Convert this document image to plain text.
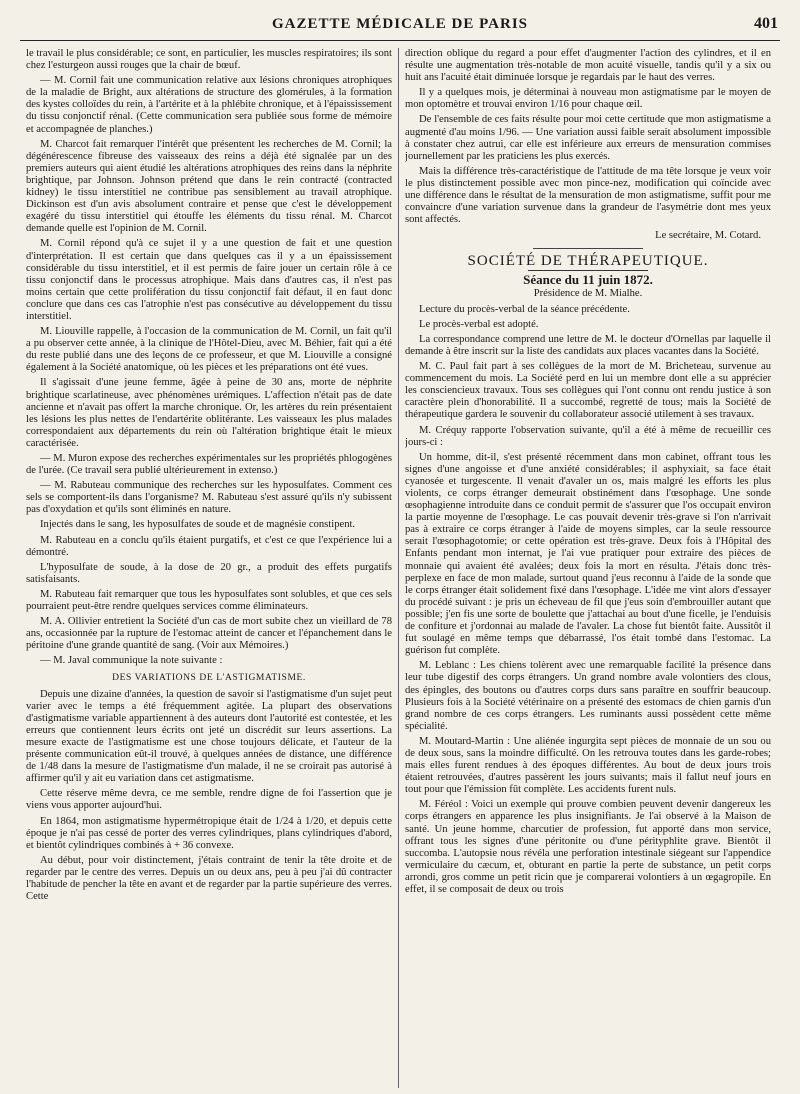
GAZETTE MÉDICALE DE PARIS	401

le travail le plus considérable; ce sont, en particulier, les muscles respiratoires; ils sont chez l'esturgeon aussi rouges que la chair de bœuf.

— M. Cornil fait une communication relative aux lésions chroniques atrophiques de la maladie de Bright, aux altérations de structure des glomérules, à la formation des kystes colloïdes du rein, à l'artérite et à la phlébite chronique, et à l'épaississement du tissu conjonctif rénal. (Cette communication sera publiée sous forme de mémoire et accompagnée de planches.)

M. Charcot fait remarquer l'intérêt que présentent les recherches de M. Cornil; la dégénérescence fibreuse des vaisseaux des reins a déjà été signalée par un des premiers auteurs qui aient étudié les altérations atrophiques des reins dans la néphrite brightique, par Johnson. Johnson prétend que dans le rein contracté (contracted kidney) le tissu interstitiel ne contribue pas sensiblement au travail atrophique. Dickinson est d'un avis absolument contraire et pense que c'est le développement exagéré du tissu interstitiel qui étouffe les éléments du tissu rénal. M. Charcot demande quelle est l'opinion de M. Cornil.

M. Cornil répond qu'à ce sujet il y a une question de fait et une question d'interprétation. Il est certain que dans quelques cas il y a un épaississement considérable du tissu interstitiel, et il est permis de faire jouer un certain rôle à ce tissu conjonctif dans le processus atrophique. Mais dans d'autres cas, il n'est pas moins certain que cette prolifération du tissu conjonctif fait défaut, il en faut donc conclure que dans ces cas l'atrophie n'est pas consécutive au développement du tissu interstitiel.

M. Liouville rappelle, à l'occasion de la communication de M. Cornil, un fait qu'il a pu observer cette année, à la clinique de l'Hôtel-Dieu, avec M. Béhier, fait qui a été du reste publié dans une des leçons de ce professeur, et que M. Liouville a consigné également à la Société anatomique, où les pièces et les préparations ont été vues.

Il s'agissait d'une jeune femme, âgée à peine de 30 ans, morte de néphrite brightique scarlatineuse, avec phénomènes urémiques. L'affection n'était pas de date ancienne et n'avait pas offert la marche chronique. Or, les artères du rein présentaient les lésions les plus nettes de l'endartérite oblitérante. Les vaisseaux les plus malades correspondaient aux départements du rein où l'altération brightique était le mieux caractérisée.

— M. Muron expose des recherches expérimentales sur les propriétés phlogogènes de l'urée. (Ce travail sera publié ultérieurement in extenso.)

— M. Rabuteau communique des recherches sur les hyposulfates. Comment ces sels se comportent-ils dans l'organisme? M. Rabuteau s'est assuré qu'ils n'y subissent pas d'oxydation et qu'ils sont éliminés en nature.

Injectés dans le sang, les hyposulfates de soude et de magnésie constipent.

M. Rabuteau en a conclu qu'ils étaient purgatifs, et c'est ce que l'expérience lui a démontré.

L'hyposulfate de soude, à la dose de 20 gr., a produit des effets purgatifs satisfaisants.

M. Rabuteau fait remarquer que tous les hyposulfates sont solubles, et que ces sels pourraient peut-être rendre quelques services comme éliminateurs.

M. A. Ollivier entretient la Société d'un cas de mort subite chez un vieillard de 78 ans, occasionnée par la rupture de l'estomac atteint de cancer et l'épanchement dans le péritoine d'une grande quantité de sang. (Voir aux Mémoires.)

— M. Javal communique la note suivante :

DES VARIATIONS DE L'ASTIGMATISME.

Depuis une dizaine d'années, la question de savoir si l'astigmatisme d'un sujet peut varier avec le temps a été fréquemment agitée. La plupart des observations d'astigmatisme variable appartiennent à des auteurs dont l'autorité est contestée, et les erreurs que contiennent leurs écrits ont jeté un discrédit sur leurs assertions. La mesure exacte de l'astigmatisme est une chose toujours délicate, et l'auteur de la présente communication eût-il trouvé, à quelques années de distance, une différence de 1/48 dans la mesure de l'astigmatisme d'un malade, il ne se croirait pas autorisé à affirmer qu'il y ait eu variation dans cet astigmatisme.

Cette réserve même devra, ce me semble, rendre digne de foi l'assertion que je viens vous apporter aujourd'hui.

En 1864, mon astigmatisme hypermétropique était de 1/24 à 1/20, et depuis cette époque je n'ai pas cessé de porter des verres cylindriques, plans cylindriques d'abord, et bientôt cylindriques combinés à + 36 convexe.

Au début, pour voir distinctement, j'étais contraint de tenir la tête droite et de regarder par le centre des verres. Depuis un ou deux ans, peu à peu j'ai dû contracter l'habitude de pencher la tête en avant et de regarder par la partie supérieure des verres. Cette

direction oblique du regard a pour effet d'augmenter l'action des cylindres, et il en résulte une augmentation très-notable de mon acuité visuelle, tandis qu'il y a six ou huit ans l'acuité était diminuée lorsque je regardais par le haut des verres.

Il y a quelques mois, je déterminai à nouveau mon astigmatisme par le moyen de mon optomètre et trouvai environ 1/16 pour chaque œil.

De l'ensemble de ces faits résulte pour moi cette certitude que mon astigmatisme a augmenté d'au moins 1/96. — Une variation aussi faible serait absolument impossible à constater chez autrui, car elle est inférieure aux erreurs de mensuration commises journellement par les praticiens les plus exercés.

Mais la différence très-caractéristique de l'attitude de ma tête lorsque je veux voir le plus distinctement possible avec mon pince-nez, modification qui coïncide avec une différence dans le résultat de la mensuration de mon astigmatisme, suffit pour me convaincre d'une variation survenue dans la grandeur de l'asymétrie dont mes yeux sont affectés.

Le secrétaire, M. Cotard.
SOCIÉTÉ DE THÉRAPEUTIQUE.
Séance du 11 juin 1872.
Présidence de M. Mialhe.

Lecture du procès-verbal de la séance précédente.

Le procès-verbal est adopté.

La correspondance comprend une lettre de M. le docteur d'Ornellas par laquelle il demande à être inscrit sur la liste des candidats aux places vacantes dans la Société.

M. C. Paul fait part à ses collègues de la mort de M. Bricheteau, survenue au commencement du mois. La Société perd en lui un membre dont elle a su apprécier les consciencieux travaux. Tous ses collègues qui l'ont connu ont rendu justice à son caractère plein d'honorabilité. Il a succombé, regretté de tous; mais la Société de thérapeutique gardera le souvenir du collaborateur associé utilement à ses travaux.

M. Créquy rapporte l'observation suivante, qu'il a été à même de recueillir ces jours-ci :

Un homme, dit-il, s'est présenté récemment dans mon cabinet, offrant tous les signes d'une angoisse et d'une anxiété considérables; il asphyxiait, sa face était cyanosée et turgescente. Il venait d'avaler un os, mais malgré les efforts les plus violents, ce corps étranger demeurait obstinément dans l'œsophage. Une sonde œsophagienne introduite dans ce conduit permit de s'assurer que l'os occupait environ la partie moyenne de l'œsophage. Le cas pouvait devenir très-grave si l'on n'arrivait pas à extraire ce corps étranger à l'aide de moyens simples, car la seule ressource serait l'œsophagotomie; or cette opération est très-grave. Deux fois à l'Hôpital des Enfants pendant mon internat, je l'ai vue pratiquer pour extraire des pièces de monnaie qui avaient été avalées; deux fois la mort en résulta. J'étais donc très-perplexe en face de mon malade, surtout quand j'eus reconnu à l'aide de la sonde que le corps étranger était solidement fixé dans l'œsophage. L'idée me vint alors d'essayer du procédé suivant : je pris un écheveau de fil que j'eus soin d'embrouiller autant que possible; j'en fis une sorte de boulette que j'attachai au bout d'une ficelle, je l'enduisis de confiture et j'ordonnai au malade de l'avaler. La chose fut bientôt faite. Aussitôt il fut soulagé en même temps que débarrassé, l'os était tombé dans l'estomac. La guérison fut complète.

M. Leblanc : Les chiens tolèrent avec une remarquable facilité la présence dans leur tube digestif des corps étrangers. Un grand nombre avale volontiers des clous, des épingles, des boutons ou d'autres corps durs sans paraître en souffrir beaucoup. Plusieurs fois à la Société vétérinaire on a présenté des estomacs de chien garnis d'un grand nombre de ces corps étrangers. Les ruminants aussi possèdent cette même spécialité.

M. Moutard-Martin : Une aliénée ingurgita sept pièces de monnaie de un sou ou de deux sous, sans la moindre difficulté. On les retrouva toutes dans les garde-robes; mais elles furent rendues à des époques différentes. Au bout de deux jours trois étaient retrouvées, d'autres passèrent les jours suivants; mais il fallut neuf jours en tout pour que l'émission fût complète. Les accidents furent nuls.

M. Féréol : Voici un exemple qui prouve combien peuvent devenir dangereux les corps étrangers en apparence les plus insignifiants. Je l'ai observé à la Maison de santé. Un jeune homme, charcutier de profession, fut apporté dans mon service, offrant tous les signes d'une péritonite ou d'une pérityphlite grave. Bientôt il succomba. L'autopsie nous révéla une perforation intestinale siégeant sur l'appendice vermiculaire du cæcum, et, obturant en partie la perte de substance, un petit corps arrondi, gros comme un petit ricin que je comparerai volontiers à un œgagropile. En effet, il se composait de deux ou trois
